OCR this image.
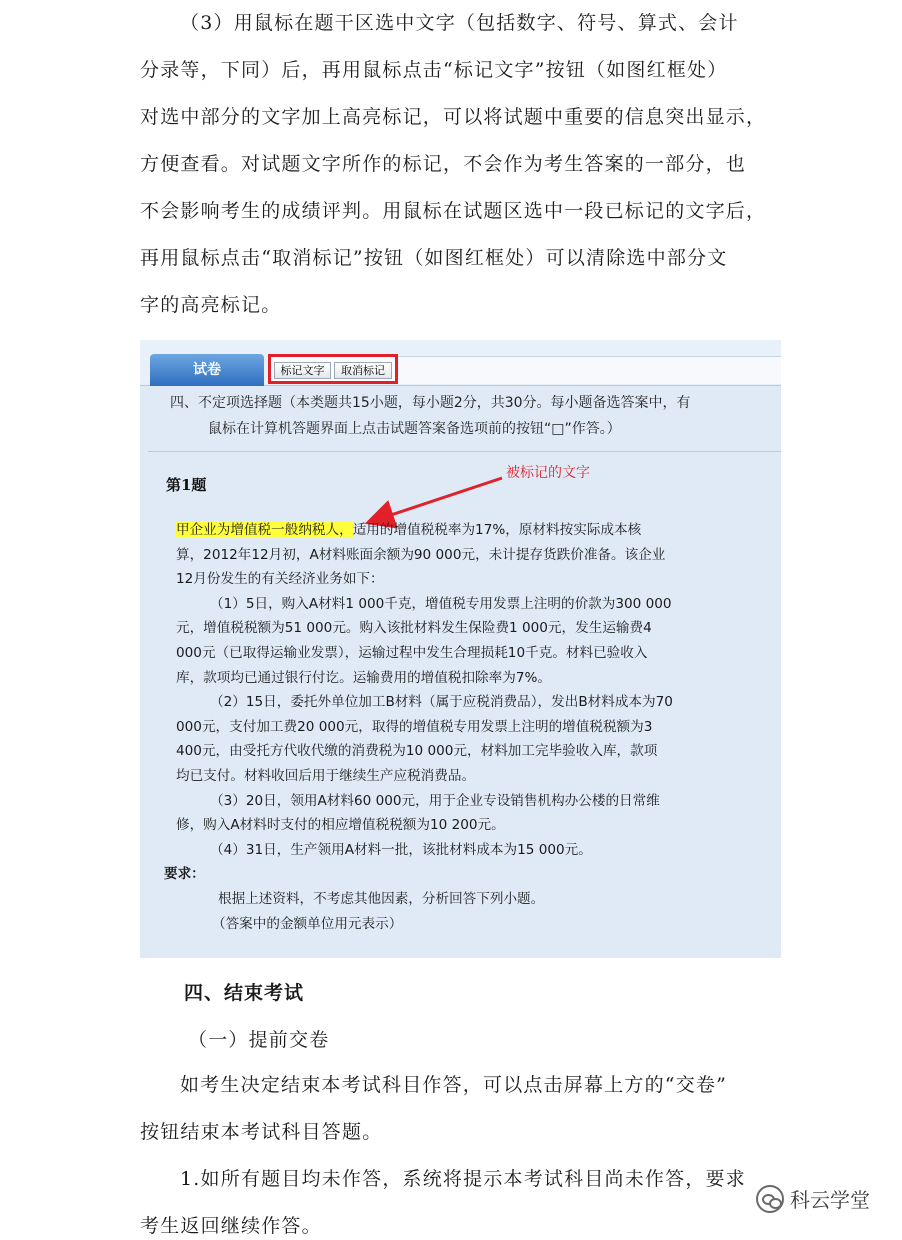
（3）用鼠标在题干区选中文字（包括数字、符号、算式、会计
分录等，下同）后，再用鼠标点击“标记文字”按钮（如图红框处）
对选中部分的文字加上高亮标记，可以将试题中重要的信息突出显示，
方便查看。对试题文字所作的标记，不会作为考生答案的一部分，也
不会影响考生的成绩评判。用鼠标在试题区选中一段已标记的文字后，
再用鼠标点击“取消标记”按钮（如图红框处）可以清除选中部分文
字的高亮标记。
试卷	标记文字	取消标记
四、不定项选择题（本类题共15小题，每小题2分，共30分。每小题备选答案中，有
鼠标在计算机答题界面上点击试题答案备选项前的按钮“□”作答。）
第1题
被标记的文字
甲企业为增值税一般纳税人，适用的增值税税率为17%，原材料按实际成本核
算，2012年12月初，A材料账面余额为90 000元，未计提存货跌价准备。该企业
12月份发生的有关经济业务如下：
（1）5日，购入A材料1 000千克，增值税专用发票上注明的价款为300 000
元，增值税税额为51 000元。购入该批材料发生保险费1 000元，发生运输费4
000元（已取得运输业发票），运输过程中发生合理损耗10千克。材料已验收入
库，款项均已通过银行付讫。运输费用的增值税扣除率为7%。
（2）15日，委托外单位加工B材料（属于应税消费品），发出B材料成本为70
000元，支付加工费20 000元，取得的增值税专用发票上注明的增值税税额为3
400元，由受托方代收代缴的消费税为10 000元，材料加工完毕验收入库，款项
均已支付。材料收回后用于继续生产应税消费品。
（3）20日，领用A材料60 000元，用于企业专设销售机构办公楼的日常维
修，购入A材料时支付的相应增值税税额为10 200元。
（4）31日，生产领用A材料一批，该批材料成本为15 000元。
要求：
根据上述资料，不考虑其他因素，分析回答下列小题。
（答案中的金额单位用元表示）
四、结束考试
（一）提前交卷
如考生决定结束本考试科目作答，可以点击屏幕上方的“交卷”
按钮结束本考试科目答题。
1.如所有题目均未作答，系统将提示本考试科目尚未作答，要求
考生返回继续作答。
科云学堂
